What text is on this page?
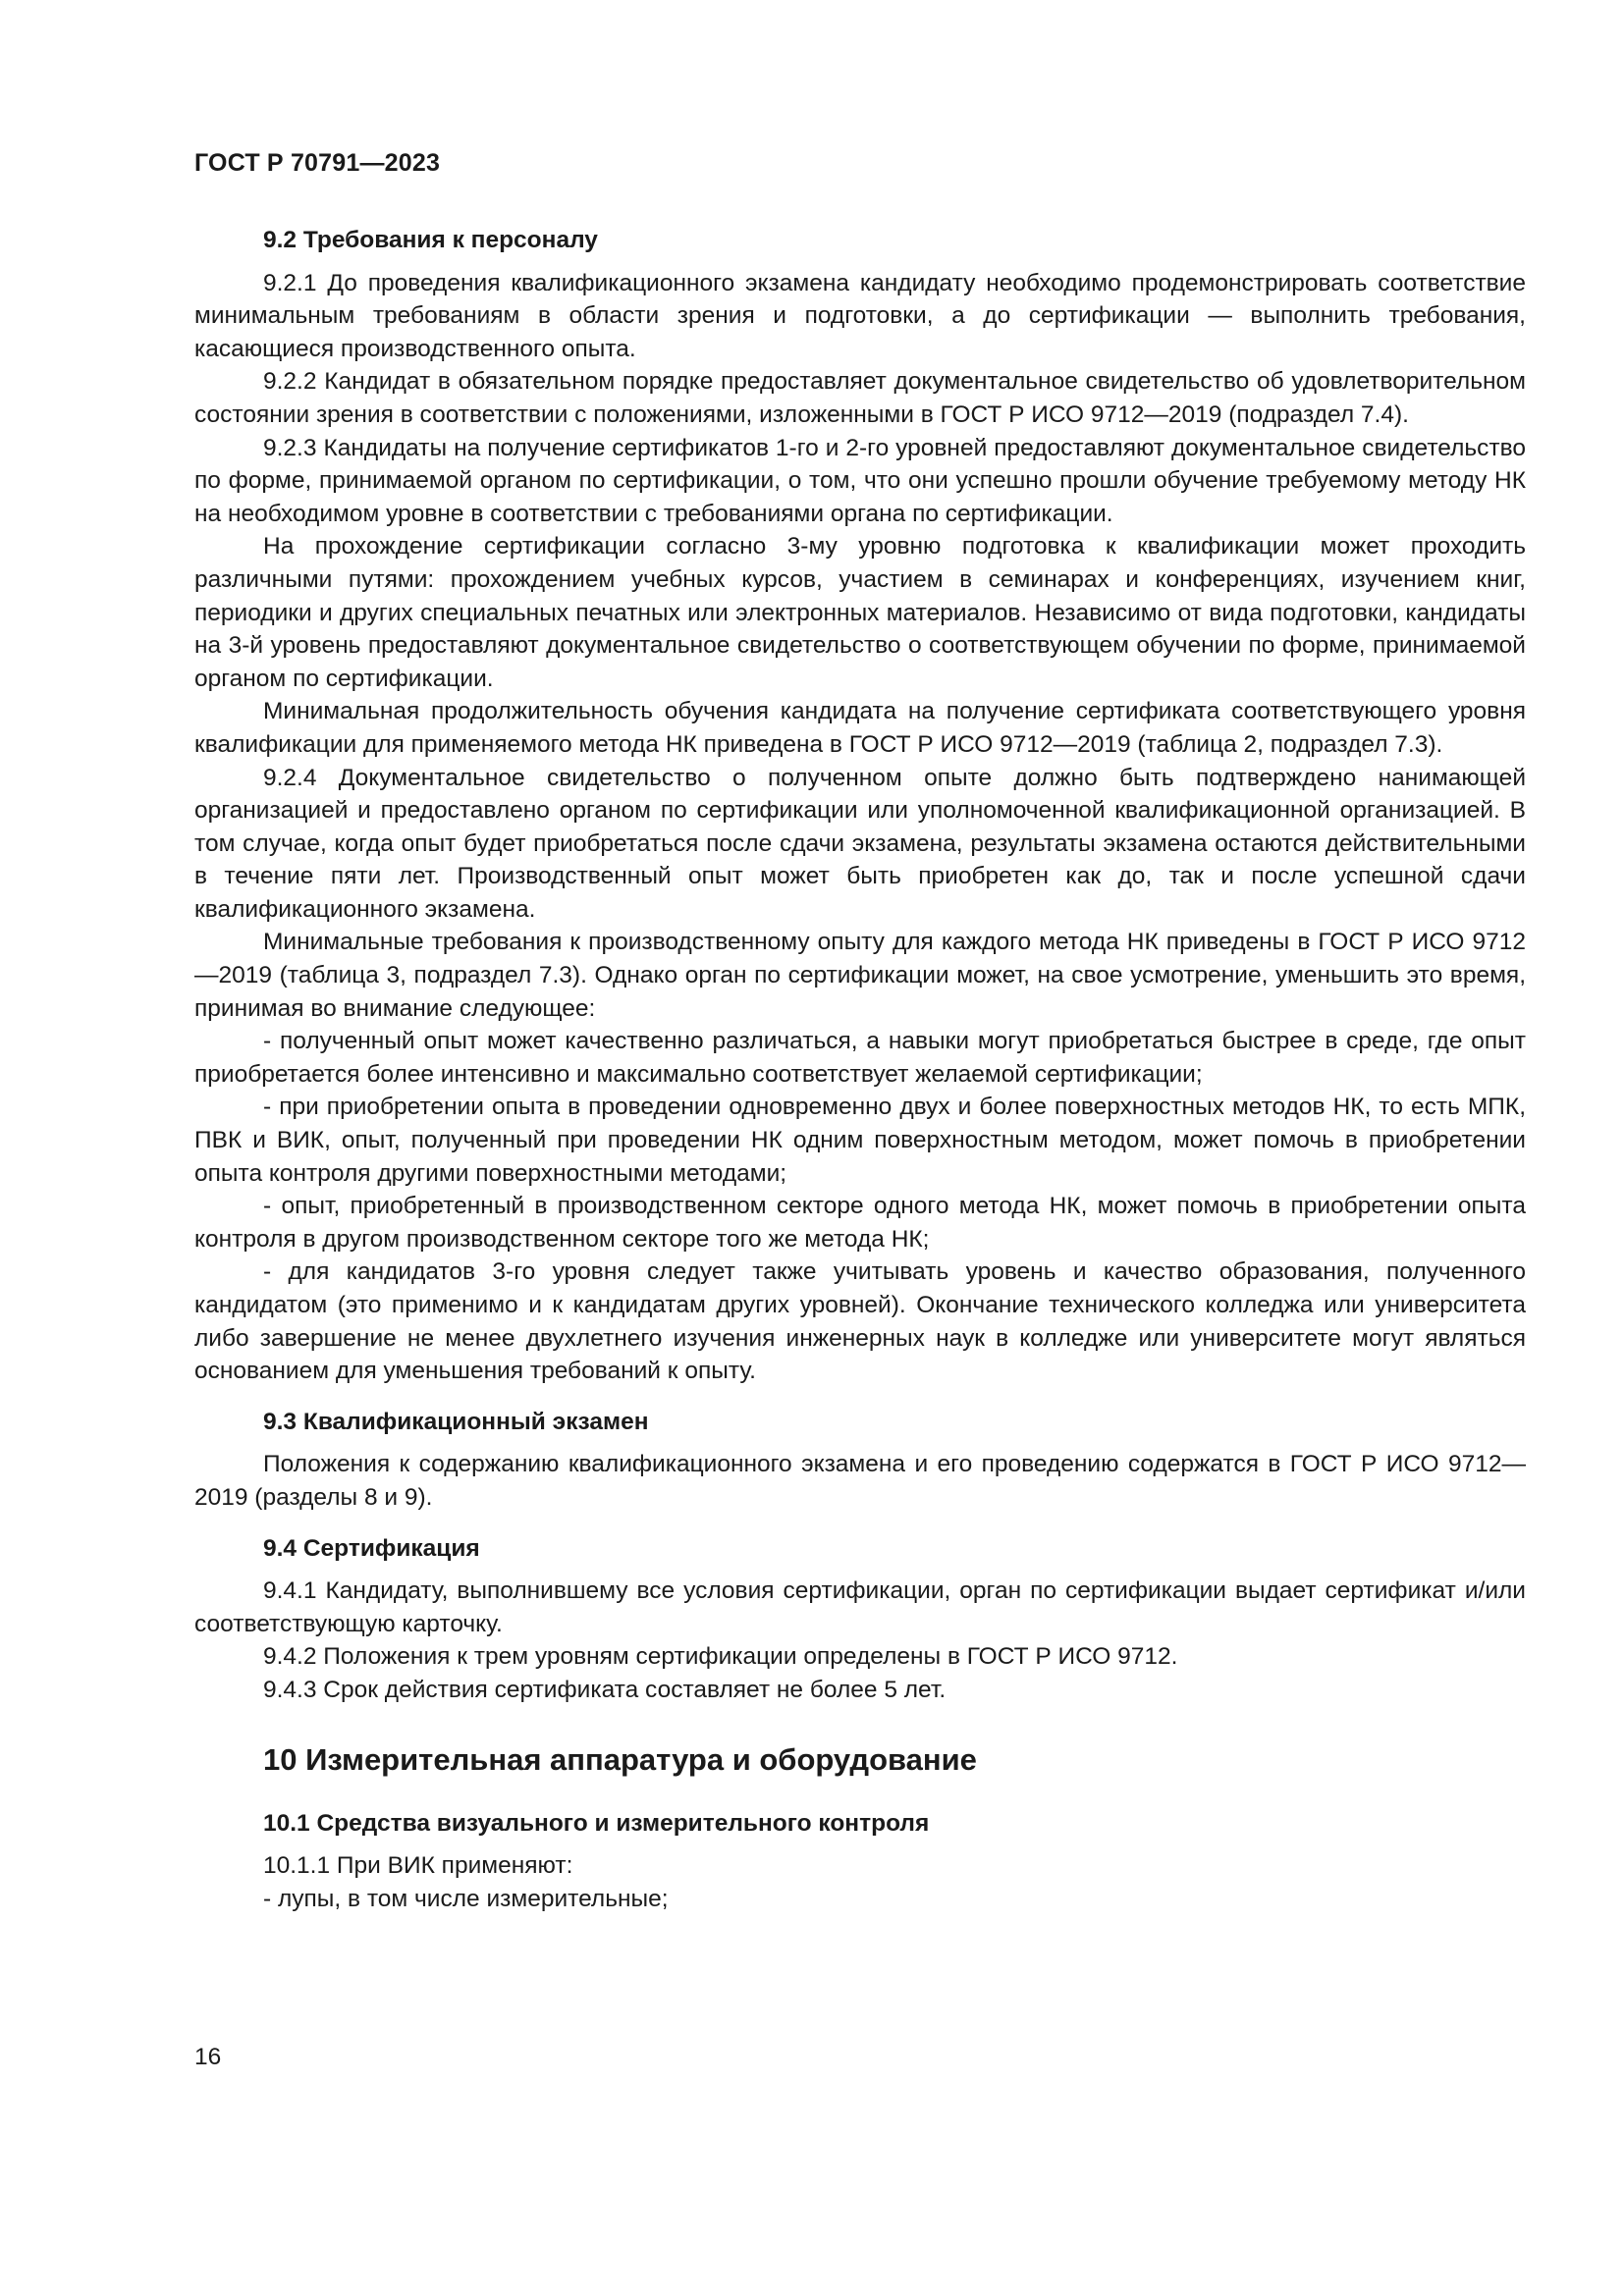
ГОСТ Р 70791—2023
9.2 Требования к персоналу

9.2.1 До проведения квалификационного экзамена кандидату необходимо продемонстрировать соответствие минимальным требованиям в области зрения и подготовки, а до сертификации — выполнить требования, касающиеся производственного опыта.

9.2.2 Кандидат в обязательном порядке предоставляет документальное свидетельство об удовлетворительном состоянии зрения в соответствии с положениями, изложенными в ГОСТ Р ИСО 9712—2019 (подраздел 7.4).

9.2.3 Кандидаты на получение сертификатов 1-го и 2-го уровней предоставляют документальное свидетельство по форме, принимаемой органом по сертификации, о том, что они успешно прошли обучение требуемому методу НК на необходимом уровне в соответствии с требованиями органа по сертификации.

На прохождение сертификации согласно 3-му уровню подготовка к квалификации может проходить различными путями: прохождением учебных курсов, участием в семинарах и конференциях, изучением книг, периодики и других специальных печатных или электронных материалов. Независимо от вида подготовки, кандидаты на 3-й уровень предоставляют документальное свидетельство о соответствующем обучении по форме, принимаемой органом по сертификации.

Минимальная продолжительность обучения кандидата на получение сертификата соответствующего уровня квалификации для применяемого метода НК приведена в ГОСТ Р ИСО 9712—2019 (таблица 2, подраздел 7.3).

9.2.4 Документальное свидетельство о полученном опыте должно быть подтверждено нанимающей организацией и предоставлено органом по сертификации или уполномоченной квалификационной организацией. В том случае, когда опыт будет приобретаться после сдачи экзамена, результаты экзамена остаются действительными в течение пяти лет. Производственный опыт может быть приобретен как до, так и после успешной сдачи квалификационного экзамена.

Минимальные требования к производственному опыту для каждого метода НК приведены в ГОСТ Р ИСО 9712—2019 (таблица 3, подраздел 7.3). Однако орган по сертификации может, на свое усмотрение, уменьшить это время, принимая во внимание следующее:

- полученный опыт может качественно различаться, а навыки могут приобретаться быстрее в среде, где опыт приобретается более интенсивно и максимально соответствует желаемой сертификации;

- при приобретении опыта в проведении одновременно двух и более поверхностных методов НК, то есть МПК, ПВК и ВИК, опыт, полученный при проведении НК одним поверхностным методом, может помочь в приобретении опыта контроля другими поверхностными методами;

- опыт, приобретенный в производственном секторе одного метода НК, может помочь в приобретении опыта контроля в другом производственном секторе того же метода НК;

- для кандидатов 3-го уровня следует также учитывать уровень и качество образования, полученного кандидатом (это применимо и к кандидатам других уровней). Окончание технического колледжа или университета либо завершение не менее двухлетнего изучения инженерных наук в колледже или университете могут являться основанием для уменьшения требований к опыту.

9.3 Квалификационный экзамен

Положения к содержанию квалификационного экзамена и его проведению содержатся в ГОСТ Р ИСО 9712—2019 (разделы 8 и 9).

9.4 Сертификация

9.4.1 Кандидату, выполнившему все условия сертификации, орган по сертификации выдает сертификат и/или соответствующую карточку.

9.4.2 Положения к трем уровням сертификации определены в ГОСТ Р ИСО 9712.

9.4.3 Срок действия сертификата составляет не более 5 лет.

10 Измерительная аппаратура и оборудование
10.1 Средства визуального и измерительного контроля

10.1.1 При ВИК применяют:

- лупы, в том числе измерительные;

16
